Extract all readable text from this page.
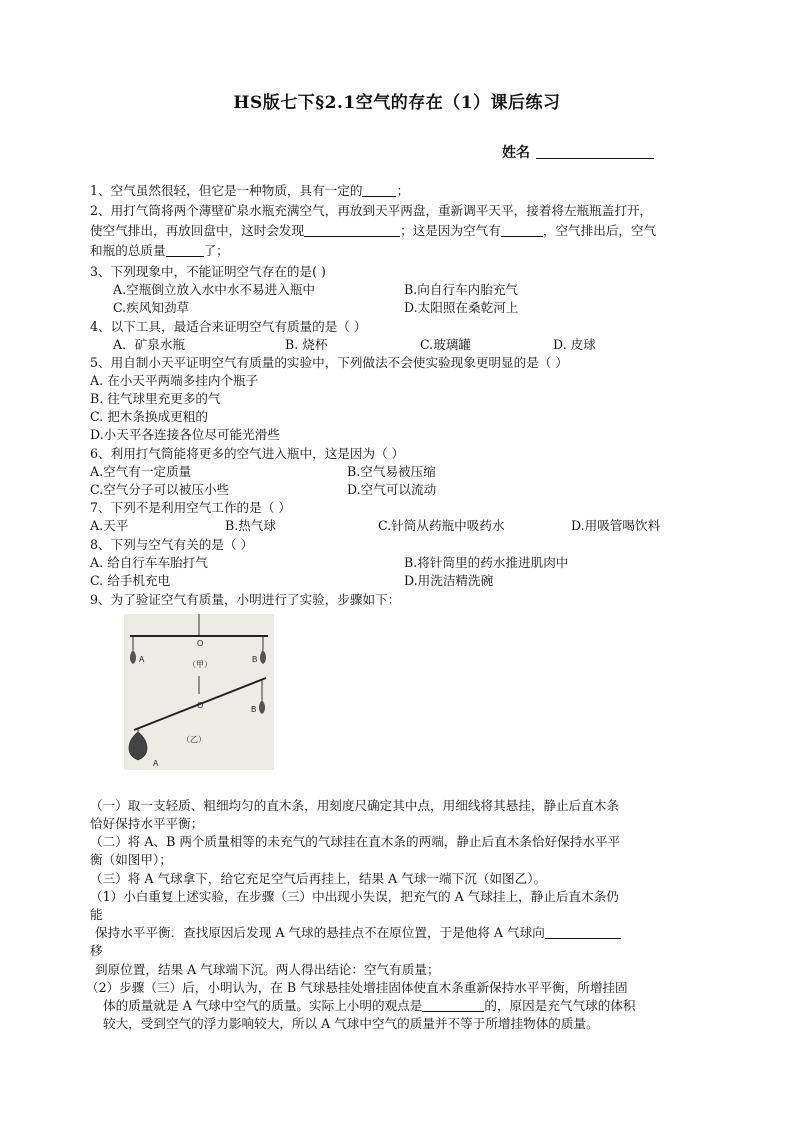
HS版七下§2.1空气的存在（1）课后练习
姓名
1、空气虽然很轻，但它是一种物质，具有一定的	；
2、用打气筒将两个薄壁矿泉水瓶充满空气，再放到天平两盘，重新调平天平，接着将左瓶瓶盖打开，
使空气排出，再放回盘中，这时会发现	；这是因为空气有	，空气排出后，空气
和瓶的总质量	了；
3、下列现象中，不能证明空气存在的是( )
A.空瓶倒立放入水中水不易进入瓶中	B.向自行车内胎充气
C.疾风知劲草	D.太阳照在桑乾河上
4、以下工具，最适合来证明空气有质量的是（ ）
A．矿泉水瓶	B. 烧杯	C.玻璃罐	D. 皮球
5、用自制小天平证明空气有质量的实验中，下列做法不会使实验现象更明显的是（ ）
A. 在小天平两端多挂内个瓶子
B. 往气球里充更多的气
C. 把木条换成更粗的
D.小天平各连接各位尽可能光滑些
6、利用打气筒能将更多的空气进入瓶中，这是因为（ ）
A.空气有一定质量	B.空气易被压缩
C.空气分子可以被压小些	D.空气可以流动
7、下列不是利用空气工作的是（ ）
A.天平	B.热气球	C.针筒从药瓶中吸药水	D.用吸管喝饮料
8、下列与空气有关的是（ ）
A. 给自行车车胎打气	B.将针筒里的药水推进肌肉中
C. 给手机充电	D.用洗洁精洗碗
9、为了验证空气有质量，小明进行了实验，步骤如下：
O
A	B
（甲）
O	B
（乙）
A
（一）取一支轻质、粗细均匀的直木条，用刻度尺确定其中点，用细线将其悬挂，静止后直木条
恰好保持水平平衡；
（二）将 A、B 两个质量相等的未充气的气球挂在直木条的两端，静止后直木条恰好保持水平平
衡（如图甲）；
（三）将 A 气球拿下，给它充足空气后再挂上，结果 A 气球一端下沉（如图乙）。
（1）小白重复上述实验，在步骤（三）中出现小失误，把充气的 A 气球挂上，静止后直木条仍
能
保持水平平衡．查找原因后发现 A 气球的悬挂点不在原位置，于是他将 A 气球向
移
到原位置，结果 A 气球端下沉。两人得出结论：空气有质量；
（2）步骤（三）后，小明认为，在 B 气球悬挂处增挂固体使直木条重新保持水平平衡，所增挂固
体的质量就是 A 气球中空气的质量。实际上小明的观点是	的，原因是充气气球的体积
较大，受到空气的浮力影响较大，所以 A 气球中空气的质量并不等于所增挂物体的质量。
